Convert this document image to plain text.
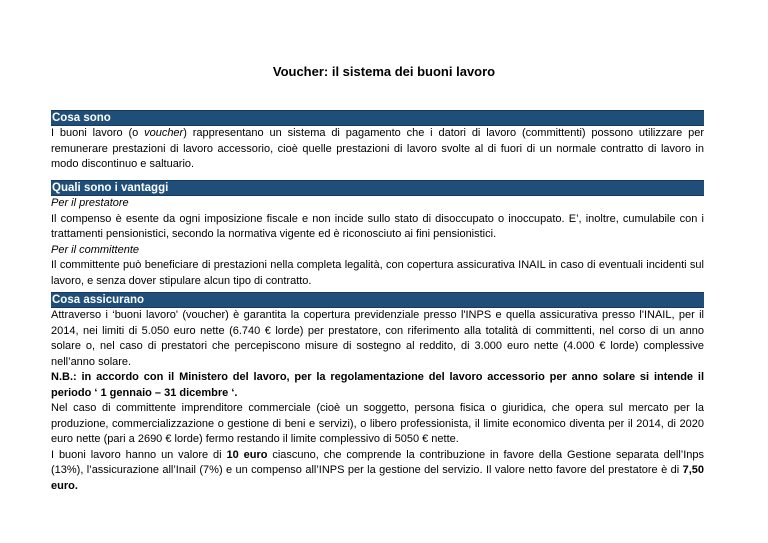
Voucher: il sistema dei buoni lavoro
Cosa sono

I buoni lavoro (o voucher) rappresentano un sistema di pagamento che i datori di lavoro (committenti) possono utilizzare per remunerare prestazioni di lavoro accessorio, cioè quelle prestazioni di lavoro svolte al di fuori di un normale contratto di lavoro in modo discontinuo e saltuario.

Quali sono i vantaggi

Per il prestatore

Il compenso è esente da ogni imposizione fiscale e non incide sullo stato di disoccupato o inoccupato. E’, inoltre, cumulabile con i trattamenti pensionistici, secondo la normativa vigente ed è riconosciuto ai fini pensionistici.

Per il committente

Il committente può beneficiare di prestazioni nella completa legalità, con copertura assicurativa INAIL in caso di eventuali incidenti sul lavoro, e senza dover stipulare alcun tipo di contratto.

Cosa assicurano

Attraverso i ‘buoni lavoro' (voucher) è garantita la copertura previdenziale presso l'INPS e quella assicurativa presso l'INAIL, per il 2014, nei limiti di 5.050 euro nette (6.740 € lorde) per prestatore, con riferimento alla totalità di committenti, nel corso di un anno solare o, nel caso di prestatori che percepiscono misure di sostegno al reddito, di 3.000 euro nette (4.000 € lorde) complessive nell’anno solare.

N.B.: in accordo con il Ministero del lavoro, per la regolamentazione del lavoro accessorio per anno solare si intende il periodo ‘ 1 gennaio – 31 dicembre ‘.

Nel caso di committente imprenditore commerciale (cioè un soggetto, persona fisica o giuridica, che opera sul mercato per la produzione, commercializzazione o gestione di beni e servizi), o libero professionista, il limite economico diventa per il 2014, di 2020 euro nette (pari a 2690 € lorde) fermo restando il limite complessivo di 5050 € nette.

I buoni lavoro hanno un valore di 10 euro ciascuno, che comprende la contribuzione in favore della Gestione separata dell’Inps (13%), l’assicurazione all’Inail (7%) e un compenso all’INPS per la gestione del servizio. Il valore netto favore del prestatore è di 7,50 euro.
